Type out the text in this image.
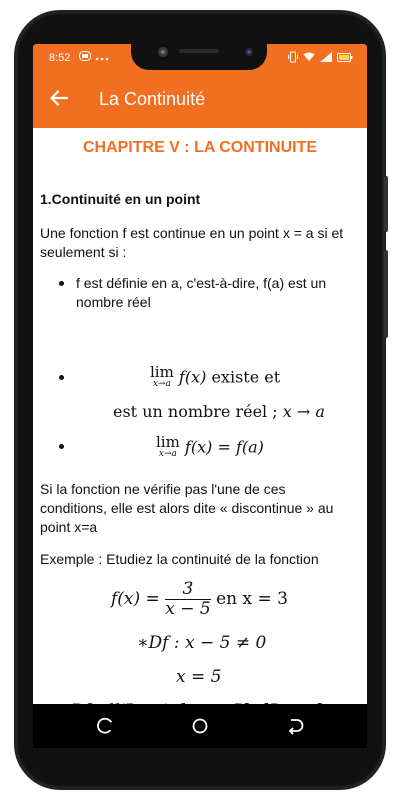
8:52
La Continuité
CHAPITRE V : LA CONTINUITE
1.Continuité en un point
Une fonction f est continue en un point x = a si et seulement si :
f est définie en a, c'est-à-dire, f(a) est un nombre réel
lim
x→a f(x) existe et
est un nombre réel ; x → a
lim
x→a f(x) = f(a)
Si la fonction ne vérifie pas l'une de ces conditions, elle est alors dite « discontinue » au point x=a
Exemple : Etudiez la continuité de la fonction
$f(x) = \frac{3}{x - 5}$ en x = 3
∗Df : x − 5 ≠ 0
x = 5
